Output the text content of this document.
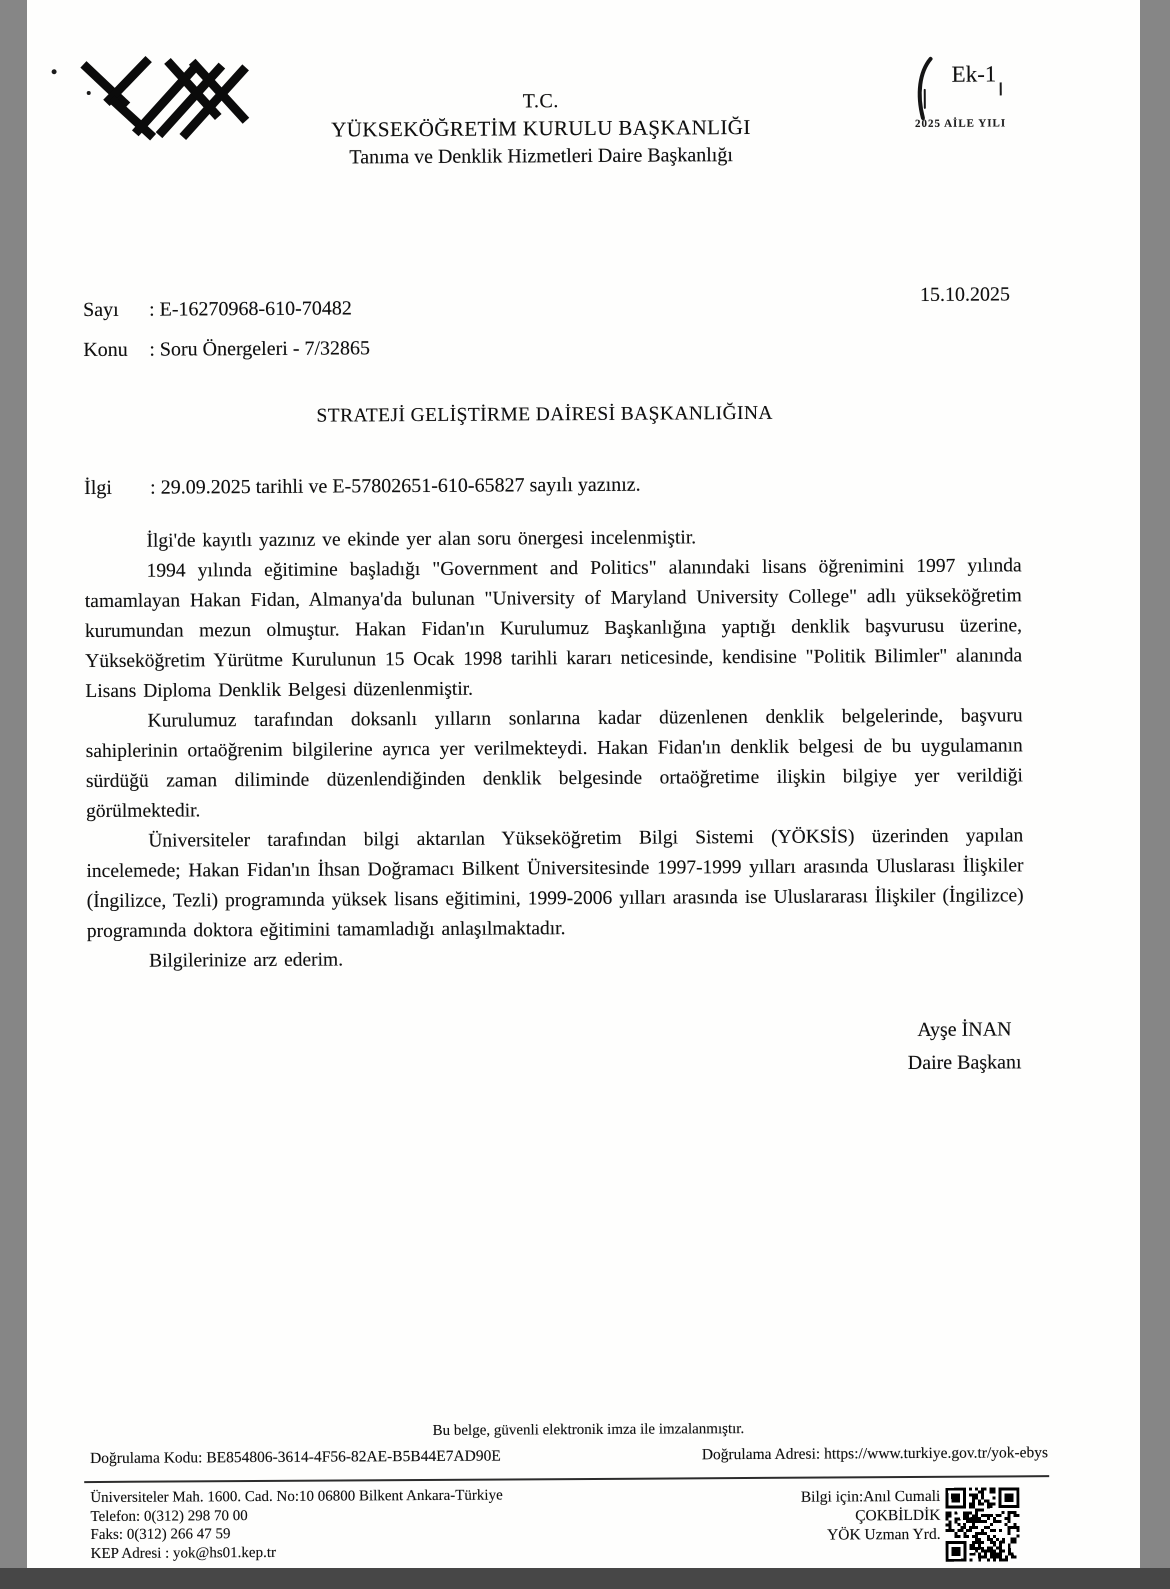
T.C.
YÜKSEKÖĞRETİM KURULU BAŞKANLIĞI
Tanıma ve Denklik Hizmetleri Daire Başkanlığı
Ek-1
2025 AİLE YILI
15.10.2025
Sayı	: E-16270968-610-70482
Konu	: Soru Önergeleri - 7/32865
STRATEJİ GELİŞTİRME DAİRESİ BAŞKANLIĞINA
İlgi	: 29.09.2025 tarihli ve E-57802651-610-65827 sayılı yazınız.

İlgi'de kayıtlı yazınız ve ekinde yer alan soru önergesi incelenmiştir.

1994 yılında eğitimine başladığı "Government and Politics" alanındaki lisans öğrenimini 1997 yılında tamamlayan Hakan Fidan, Almanya'da bulunan "University of Maryland University College" adlı yükseköğretim kurumundan mezun olmuştur. Hakan Fidan'ın Kurulumuz Başkanlığına yaptığı denklik başvurusu üzerine, Yükseköğretim Yürütme Kurulunun 15 Ocak 1998 tarihli kararı neticesinde, kendisine "Politik Bilimler" alanında Lisans Diploma Denklik Belgesi düzenlenmiştir.

Kurulumuz tarafından doksanlı yılların sonlarına kadar düzenlenen denklik belgelerinde, başvuru sahiplerinin ortaöğrenim bilgilerine ayrıca yer verilmekteydi. Hakan Fidan'ın denklik belgesi de bu uygulamanın sürdüğü zaman diliminde düzenlendiğinden denklik belgesinde ortaöğretime ilişkin bilgiye yer verildiği görülmektedir.

Üniversiteler tarafından bilgi aktarılan Yükseköğretim Bilgi Sistemi (YÖKSİS) üzerinden yapılan incelemede; Hakan Fidan'ın İhsan Doğramacı Bilkent Üniversitesinde 1997-1999 yılları arasında Uluslarası İlişkiler (İngilizce, Tezli) programında yüksek lisans eğitimini, 1999-2006 yılları arasında ise Uluslararası İlişkiler (İngilizce) programında doktora eğitimini tamamladığı anlaşılmaktadır.

Bilgilerinize arz ederim.

Ayşe İNAN
Daire Başkanı
Bu belge, güvenli elektronik imza ile imzalanmıştır.
Doğrulama Kodu: BE854806-3614-4F56-82AE-B5B44E7AD90E	Doğrulama Adresi: https://www.turkiye.gov.tr/yok-ebys
Üniversiteler Mah. 1600. Cad. No:10 06800 Bilkent Ankara-Türkiye
Telefon: 0(312) 298 70 00
Faks: 0(312) 266 47 59
KEP Adresi : yok@hs01.kep.tr
Bilgi için:Anıl Cumali
ÇOKBİLDİK
YÖK Uzman Yrd.
